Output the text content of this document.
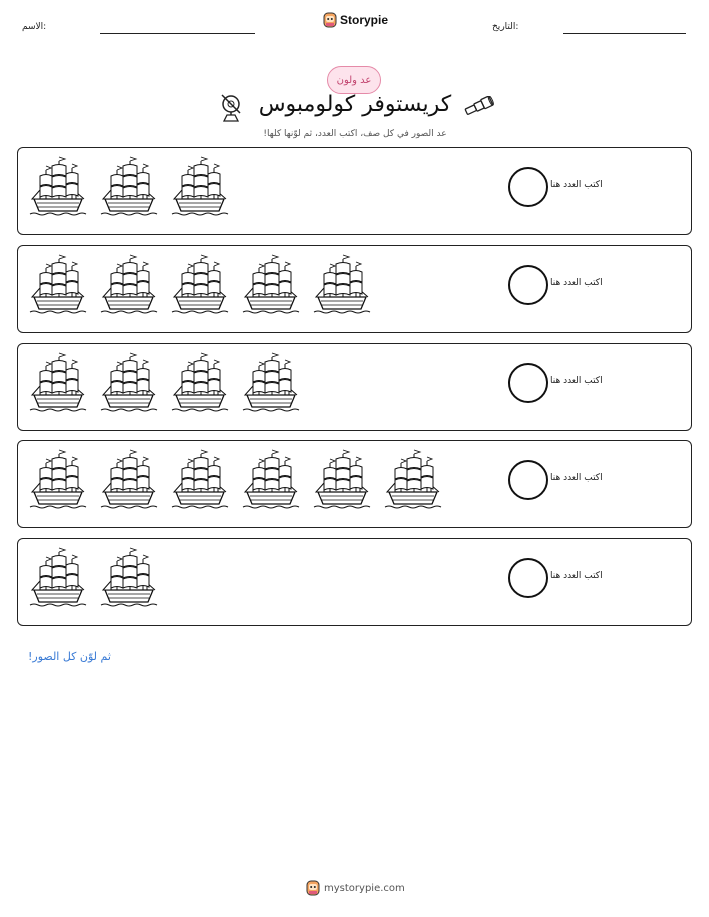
الاسم:	Storypie	التاريخ:
عد ولون
كريستوفر كولومبوس
عد الصور في كل صف، اكتب العدد، ثم لوّنها كلها!
اكتب العدد هنا
اكتب العدد هنا
اكتب العدد هنا
اكتب العدد هنا
اكتب العدد هنا
ثم لوّن كل الصور!
mystorypie.com
